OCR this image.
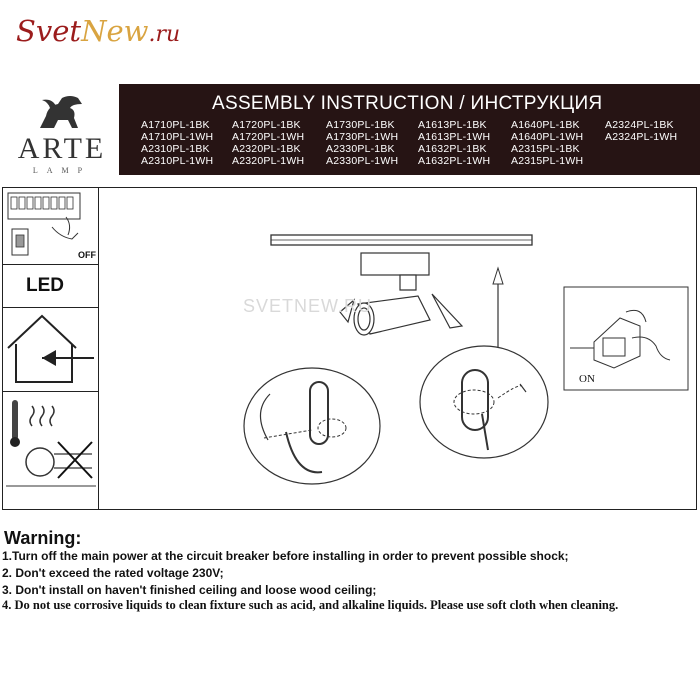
SvetNew.ru
ARTE
LAMP
ASSEMBLY INSTRUCTION / ИНСТРУКЦИЯ
A1710PL-1BK
A1710PL-1WH
A2310PL-1BK
A2310PL-1WH
A1720PL-1BK
A1720PL-1WH
A2320PL-1BK
A2320PL-1WH
A1730PL-1BK
A1730PL-1WH
A2330PL-1BK
A2330PL-1WH
A1613PL-1BK
A1613PL-1WH
A1632PL-1BK
A1632PL-1WH
A1640PL-1BK
A1640PL-1WH
A2315PL-1BK
A2315PL-1WH
A2324PL-1BK
A2324PL-1WH
OFF
LED
SVETNEW.RU
ON
Warning:
1.Turn off the main power at the circuit breaker before installing in order to prevent possible shock;
2. Don't exceed the rated voltage 230V;
3. Don't install on haven't finished ceiling and loose wood ceiling;
4. Do not use corrosive liquids to clean fixture such as acid, and alkaline liquids. Please use soft cloth when cleaning.
